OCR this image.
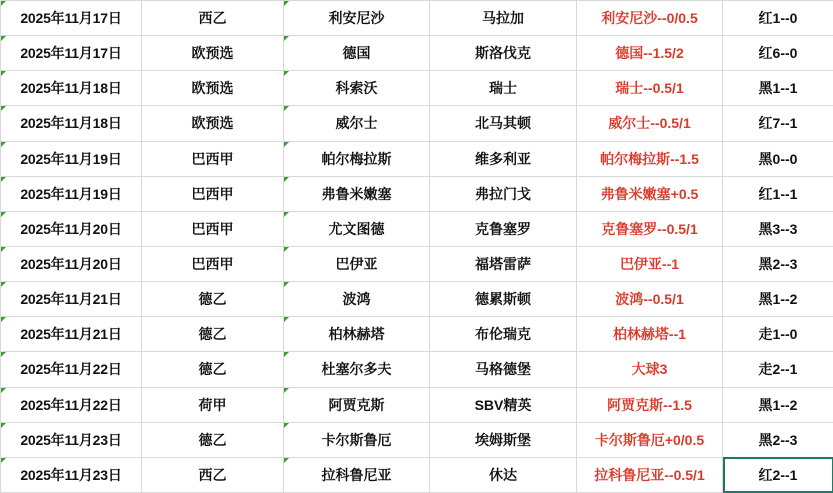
2025年11月17日	西乙	利安尼沙	马拉加	利安尼沙--0/0.5	红1--0
2025年11月17日	欧预选	德国	斯洛伐克	德国--1.5/2	红6--0
2025年11月18日	欧预选	科索沃	瑞士	瑞士--0.5/1	黑1--1
2025年11月18日	欧预选	威尔士	北马其顿	威尔士--0.5/1	红7--1
2025年11月19日	巴西甲	帕尔梅拉斯	维多利亚	帕尔梅拉斯--1.5	黑0--0
2025年11月19日	巴西甲	弗鲁米嫩塞	弗拉门戈	弗鲁米嫩塞+0.5	红1--1
2025年11月20日	巴西甲	尤文图德	克鲁塞罗	克鲁塞罗--0.5/1	黑3--3
2025年11月20日	巴西甲	巴伊亚	福塔雷萨	巴伊亚--1	黑2--3
2025年11月21日	德乙	波鸿	德累斯顿	波鸿--0.5/1	黑1--2
2025年11月21日	德乙	柏林赫塔	布伦瑞克	柏林赫塔--1	走1--0
2025年11月22日	德乙	杜塞尔多夫	马格德堡	大球3	走2--1
2025年11月22日	荷甲	阿贾克斯	SBV精英	阿贾克斯--1.5	黑1--2
2025年11月23日	德乙	卡尔斯鲁厄	埃姆斯堡	卡尔斯鲁厄+0/0.5	黑2--3
2025年11月23日	西乙	拉科鲁尼亚	休达	拉科鲁尼亚--0.5/1	红2--1
